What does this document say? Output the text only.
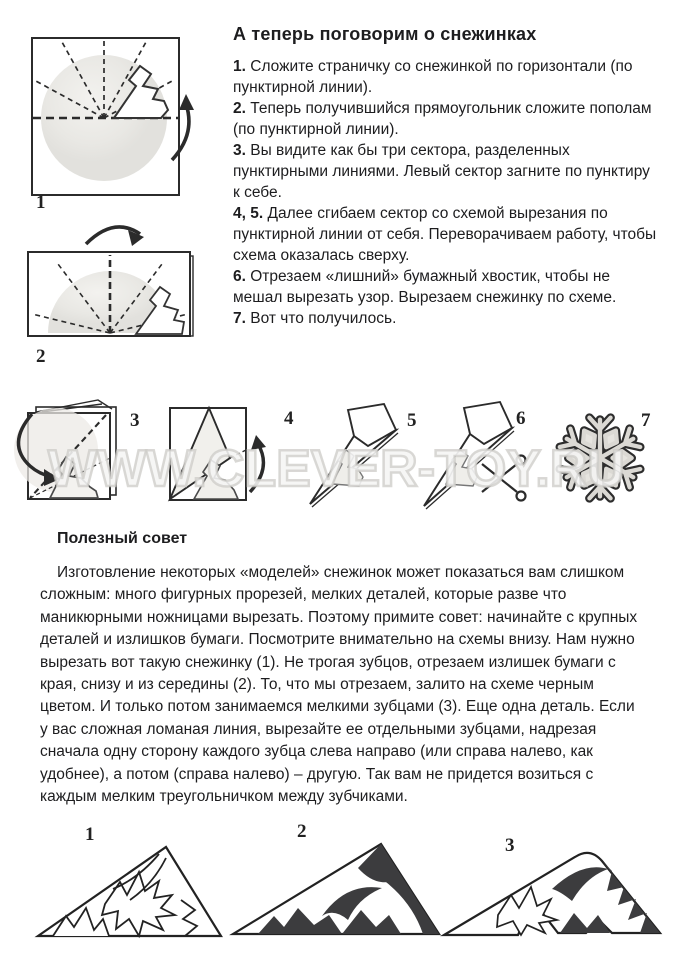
А теперь поговорим о снежинках

1. Сложите страничку со снежинкой по горизонтали (по пунктирной линии).

2. Теперь получившийся прямоугольник сложите пополам (по пунктирной линии).

3. Вы видите как бы три сектора, разделенных пунктирными линиями. Левый сектор загните по пунктиру к себе.

4, 5. Далее сгибаем сектор со схемой вырезания по пунктирной линии от себя. Переворачиваем работу, чтобы схема оказалась сверху.

6. Отрезаем «лишний» бумажный хвостик, чтобы не мешал вырезать узор. Вырезаем снежинку по схеме.

7. Вот что получилось.

1
2
3	4	5	6	7
WWW.CLEVER-TOY.RU
Полезный совет

Изготовление некоторых «моделей» снежинок может показаться вам слишком сложным: много фигурных прорезей, мелких деталей, которые разве что маникюрными ножницами вырезать. Поэтому примите совет: начинайте с крупных деталей и излишков бумаги. Посмотрите внимательно на схемы внизу. Нам нужно вырезать вот такую снежинку (1). Не трогая зубцов, отрезаем излишек бумаги с края, снизу и из середины (2). То, что мы отрезаем, залито на схеме черным цветом. И только потом занимаемся мелкими зубцами (3). Еще одна деталь. Если у вас сложная ломаная линия, вырезайте ее отдельными зубцами, надрезая сначала одну сторону каждого зубца слева направо (или справа налево, как удобнее), а потом (справа налево) – другую. Так вам не придется возиться с каждым мелким треугольничком между зубчиками.

1	2
3
